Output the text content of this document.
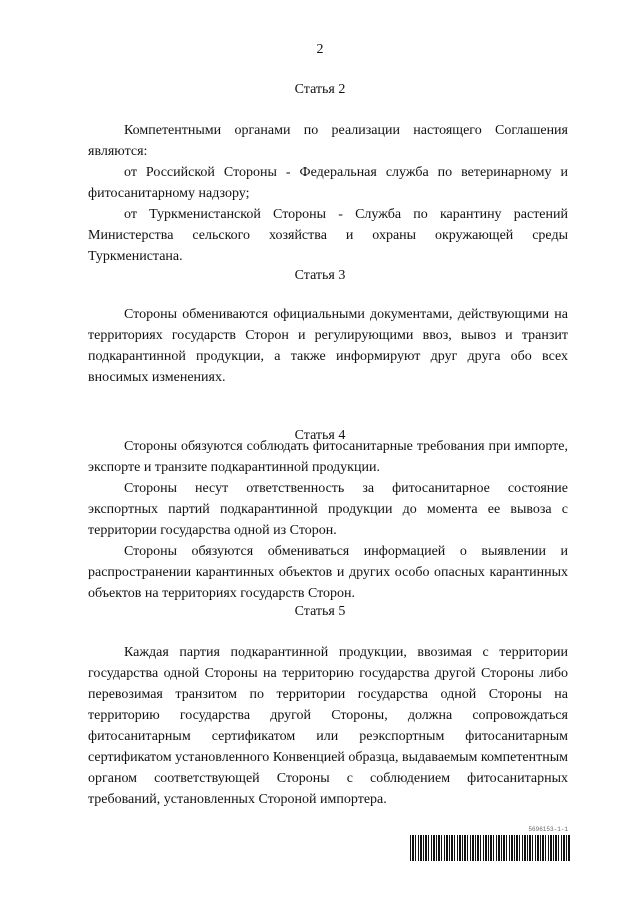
2
Статья 2

Компетентными органами по реализации настоящего Соглашения являются:

от Российской Стороны - Федеральная служба по ветеринарному и фитосанитарному надзору;

от Туркменистанской Стороны - Служба по карантину растений Министерства сельского хозяйства и охраны окружающей среды Туркменистана.

Статья 3

Стороны обмениваются официальными документами, действующими на территориях государств Сторон и регулирующими ввоз, вывоз и транзит подкарантинной продукции, а также информируют друг друга обо всех вносимых изменениях.

Статья 4

Стороны обязуются соблюдать фитосанитарные требования при импорте, экспорте и транзите подкарантинной продукции.

Стороны несут ответственность за фитосанитарное состояние экспортных партий подкарантинной продукции до момента ее вывоза с территории государства одной из Сторон.

Стороны обязуются обмениваться информацией о выявлении и распространении карантинных объектов и других особо опасных карантинных объектов на территориях государств Сторон.

Статья 5

Каждая партия подкарантинной продукции, ввозимая с территории государства одной Стороны на территорию государства другой Стороны либо перевозимая транзитом по территории государства одной Стороны на территорию государства другой Стороны, должна сопровождаться фитосанитарным сертификатом или реэкспортным фитосанитарным сертификатом установленного Конвенцией образца, выдаваемым компетентным органом соответствующей Стороны с соблюдением фитосанитарных требований, установленных Стороной импортера.

5696153-1-1
